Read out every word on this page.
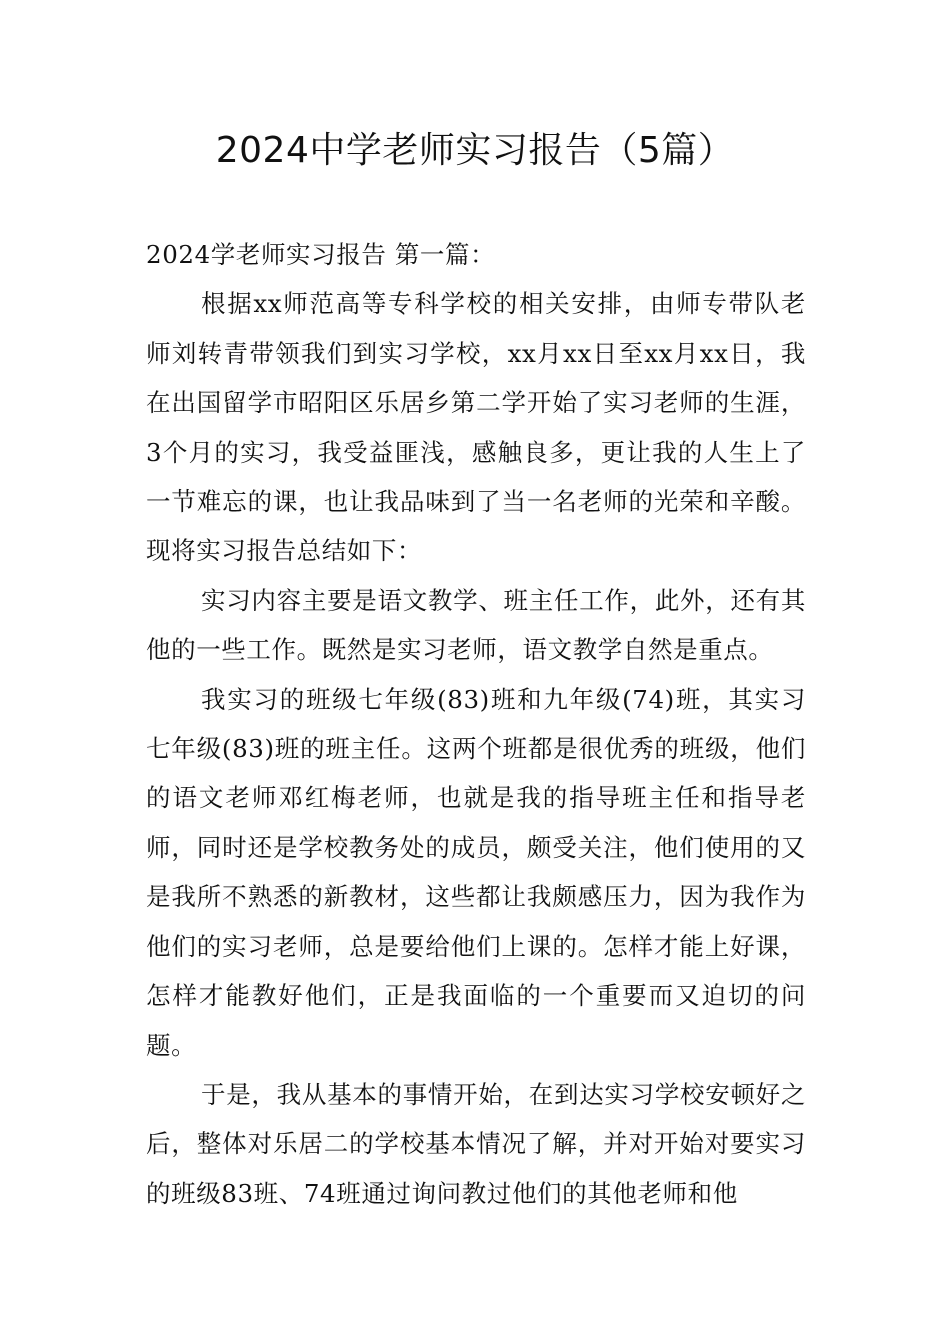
2024中学老师实习报告（5篇）

2024学老师实习报告 第一篇：

根据xx师范高等专科学校的相关安排，由师专带队老师刘转青带领我们到实习学校，xx月xx日至xx月xx日，我在出国留学市昭阳区乐居乡第二学开始了实习老师的生涯，3个月的实习，我受益匪浅，感触良多，更让我的人生上了一节难忘的课，也让我品味到了当一名老师的光荣和辛酸。现将实习报告总结如下：

实习内容主要是语文教学、班主任工作，此外，还有其他的一些工作。既然是实习老师，语文教学自然是重点。

我实习的班级七年级(83)班和九年级(74)班，其实习七年级(83)班的班主任。这两个班都是很优秀的班级，他们的语文老师邓红梅老师，也就是我的指导班主任和指导老师，同时还是学校教务处的成员，颇受关注，他们使用的又是我所不熟悉的新教材，这些都让我颇感压力，因为我作为他们的实习老师，总是要给他们上课的。怎样才能上好课，怎样才能教好他们，正是我面临的一个重要而又迫切的问题。

于是，我从基本的事情开始，在到达实习学校安顿好之后，整体对乐居二的学校基本情况了解，并对开始对要实习的班级83班、74班通过询问教过他们的其他老师和他
